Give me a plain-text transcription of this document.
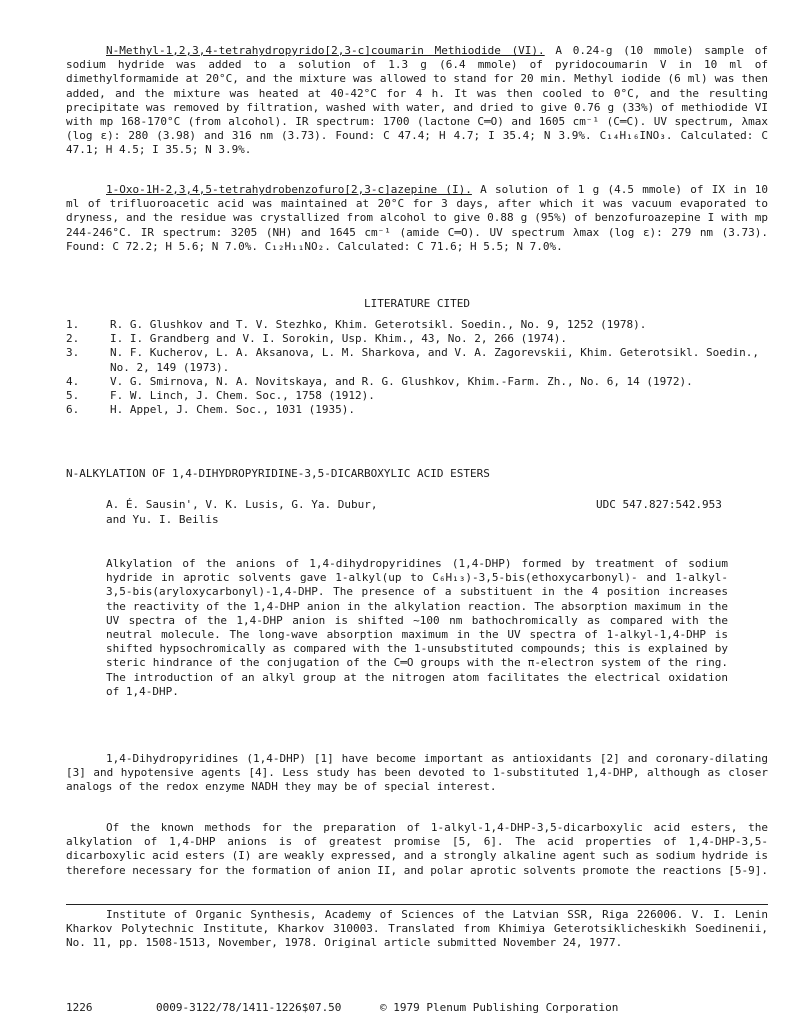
N-Methyl-1,2,3,4-tetrahydropyrido[2,3-c]coumarin Methiodide (VI). A 0.24-g (10 mmole) sample of sodium hydride was added to a solution of 1.3 g (6.4 mmole) of pyridocoumarin V in 10 ml of dimethylformamide at 20°C, and the mixture was allowed to stand for 20 min. Methyl iodide (6 ml) was then added, and the mixture was heated at 40-42°C for 4 h. It was then cooled to 0°C, and the resulting precipitate was removed by filtration, washed with water, and dried to give 0.76 g (33%) of methiodide VI with mp 168-170°C (from alcohol). IR spectrum: 1700 (lactone C═O) and 1605 cm⁻¹ (C═C). UV spectrum, λmax (log ε): 280 (3.98) and 316 nm (3.73). Found: C 47.4; H 4.7; I 35.4; N 3.9%. C₁₄H₁₆INO₃. Calculated: C 47.1; H 4.5; I 35.5; N 3.9%.

1-Oxo-1H-2,3,4,5-tetrahydrobenzofuro[2,3-c]azepine (I). A solution of 1 g (4.5 mmole) of IX in 10 ml of trifluoroacetic acid was maintained at 20°C for 3 days, after which it was vacuum evaporated to dryness, and the residue was crystallized from alcohol to give 0.88 g (95%) of benzofuroazepine I with mp 244-246°C. IR spectrum: 3205 (NH) and 1645 cm⁻¹ (amide C═O). UV spectrum λmax (log ε): 279 nm (3.73). Found: C 72.2; H 5.6; N 7.0%. C₁₂H₁₁NO₂. Calculated: C 71.6; H 5.5; N 7.0%.

LITERATURE CITED
1.	R. G. Glushkov and T. V. Stezhko, Khim. Geterotsikl. Soedin., No. 9, 1252 (1978).
2.	I. I. Grandberg and V. I. Sorokin, Usp. Khim., 43, No. 2, 266 (1974).
3.	N. F. Kucherov, L. A. Aksanova, L. M. Sharkova, and V. A. Zagorevskii, Khim. Geterotsikl. Soedin., No. 2, 149 (1973).
4.	V. G. Smirnova, N. A. Novitskaya, and R. G. Glushkov, Khim.-Farm. Zh., No. 6, 14 (1972).
5.	F. W. Linch, J. Chem. Soc., 1758 (1912).
6.	H. Appel, J. Chem. Soc., 1031 (1935).
N-ALKYLATION OF 1,4-DIHYDROPYRIDINE-3,5-DICARBOXYLIC ACID ESTERS
A. É. Sausin', V. K. Lusis, G. Ya. Dubur,
and Yu. I. Beilis
UDC 547.827:542.953

Alkylation of the anions of 1,4-dihydropyridines (1,4-DHP) formed by treatment of sodium hydride in aprotic solvents gave 1-alkyl(up to C₆H₁₃)-3,5-bis(ethoxycarbonyl)- and 1-alkyl-3,5-bis(aryloxycarbonyl)-1,4-DHP. The presence of a substituent in the 4 position increases the reactivity of the 1,4-DHP anion in the alkylation reaction. The absorption maximum in the UV spectra of the 1,4-DHP anion is shifted ~100 nm bathochromically as compared with the neutral molecule. The long-wave absorption maximum in the UV spectra of 1-alkyl-1,4-DHP is shifted hypsochromically as compared with the 1-unsubstituted compounds; this is explained by steric hindrance of the conjugation of the C═O groups with the π-electron system of the ring. The introduction of an alkyl group at the nitrogen atom facilitates the electrical oxidation of 1,4-DHP.

1,4-Dihydropyridines (1,4-DHP) [1] have become important as antioxidants [2] and coronary-dilating [3] and hypotensive agents [4]. Less study has been devoted to 1-substituted 1,4-DHP, although as closer analogs of the redox enzyme NADH they may be of special interest.

Of the known methods for the preparation of 1-alkyl-1,4-DHP-3,5-dicarboxylic acid esters, the alkylation of 1,4-DHP anions is of greatest promise [5, 6]. The acid properties of 1,4-DHP-3,5-dicarboxylic acid esters (I) are weakly expressed, and a strongly alkaline agent such as sodium hydride is therefore necessary for the formation of anion II, and polar aprotic solvents promote the reactions [5-9].

Institute of Organic Synthesis, Academy of Sciences of the Latvian SSR, Riga 226006. V. I. Lenin Kharkov Polytechnic Institute, Kharkov 310003. Translated from Khimiya Geterotsiklicheskikh Soedinenii, No. 11, pp. 1508-1513, November, 1978. Original article submitted November 24, 1977.

1226	0009-3122/78/1411-1226$07.50	© 1979 Plenum Publishing Corporation
